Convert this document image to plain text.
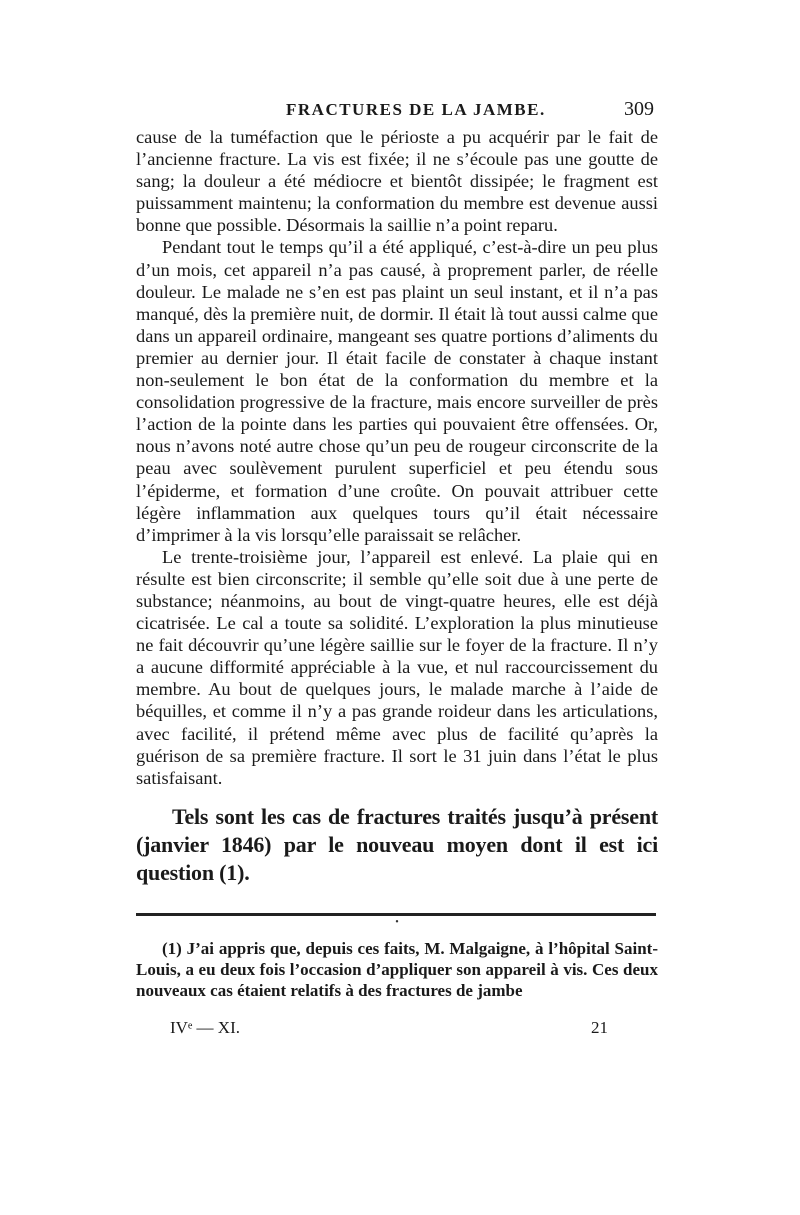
FRACTURES DE LA JAMBE.	309

cause de la tuméfaction que le périoste a pu acquérir par le fait de l’ancienne fracture. La vis est fixée; il ne s’écoule pas une goutte de sang; la douleur a été médiocre et bientôt dissipée; le fragment est puissamment maintenu; la conformation du membre est devenue aussi bonne que possible. Désormais la saillie n’a point reparu.

Pendant tout le temps qu’il a été appliqué, c’est-à-dire un peu plus d’un mois, cet appareil n’a pas causé, à proprement parler, de réelle douleur. Le malade ne s’en est pas plaint un seul instant, et il n’a pas manqué, dès la première nuit, de dormir. Il était là tout aussi calme que dans un appareil ordinaire, mangeant ses quatre portions d’aliments du premier au dernier jour. Il était facile de constater à chaque instant non-seulement le bon état de la conformation du membre et la consolidation progressive de la fracture, mais encore surveiller de près l’action de la pointe dans les parties qui pouvaient être offensées. Or, nous n’avons noté autre chose qu’un peu de rougeur circonscrite de la peau avec soulèvement purulent superficiel et peu étendu sous l’épiderme, et formation d’une croûte. On pouvait attribuer cette légère inflammation aux quelques tours qu’il était nécessaire d’imprimer à la vis lorsqu’elle paraissait se relâcher.

Le trente-troisième jour, l’appareil est enlevé. La plaie qui en résulte est bien circonscrite; il semble qu’elle soit due à une perte de substance; néanmoins, au bout de vingt-quatre heures, elle est déjà cicatrisée. Le cal a toute sa solidité. L’exploration la plus minutieuse ne fait découvrir qu’une légère saillie sur le foyer de la fracture. Il n’y a aucune difformité appréciable à la vue, et nul raccourcissement du membre. Au bout de quelques jours, le malade marche à l’aide de béquilles, et comme il n’y a pas grande roideur dans les articulations, avec facilité, il prétend même avec plus de facilité qu’après la guérison de sa première fracture. Il sort le 31 juin dans l’état le plus satisfaisant.

Tels sont les cas de fractures traités jusqu’à présent (janvier 1846) par le nouveau moyen dont il est ici question (1).

•

(1) J’ai appris que, depuis ces faits, M. Malgaigne, à l’hôpital Saint-Louis, a eu deux fois l’occasion d’appliquer son appareil à vis. Ces deux nouveaux cas étaient relatifs à des fractures de jambe

IVᵉ — XI.	21
